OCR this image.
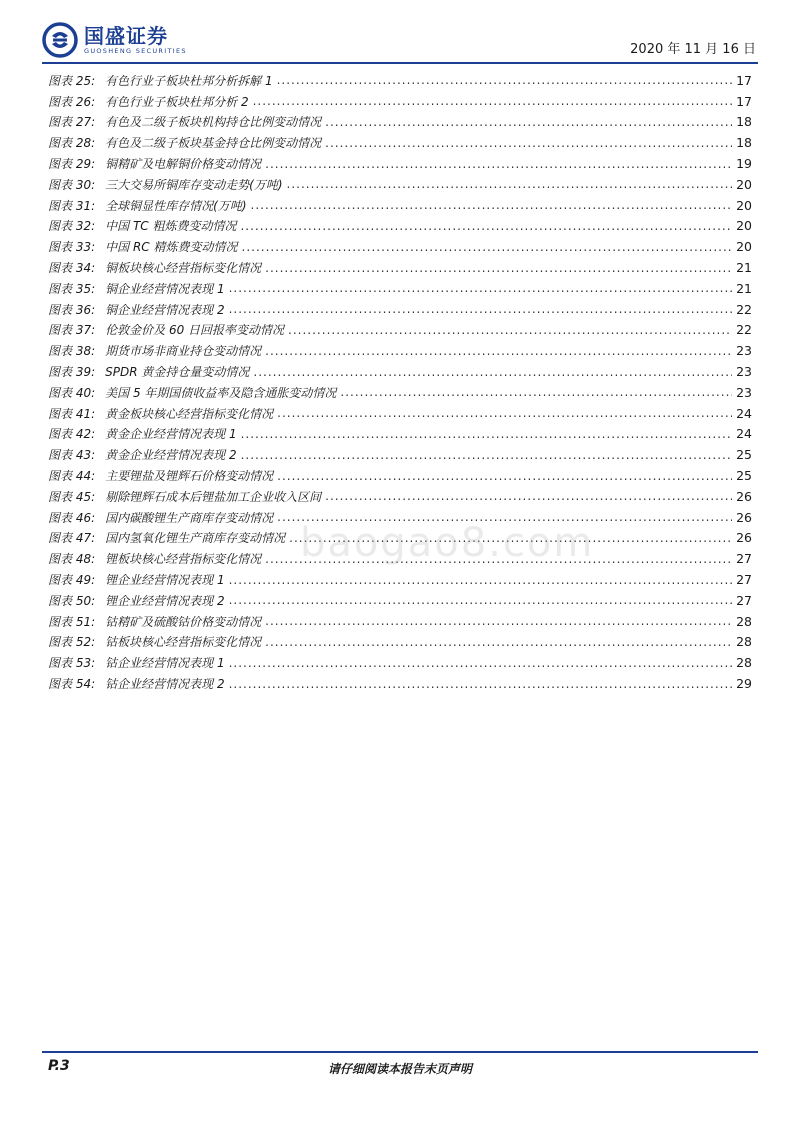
国盛证券
GUOSHENG SECURITIES	2020 年 11 月 16 日
图表 25: 有色行业子板块杜邦分析拆解 1 .....	17
图表 26: 有色行业子板块杜邦分析 2 .....	17
图表 27: 有色及二级子板块机构持仓比例变动情况 .....	18
图表 28: 有色及二级子板块基金持仓比例变动情况 .....	18
图表 29: 铜精矿及电解铜价格变动情况 .....	19
图表 30: 三大交易所铜库存变动走势(万吨) .....	20
图表 31: 全球铜显性库存情况(万吨) .....	20
图表 32: 中国 TC 粗炼费变动情况 .....	20
图表 33: 中国 RC 精炼费变动情况 .....	20
图表 34: 铜板块核心经营指标变化情况 .....	21
图表 35: 铜企业经营情况表现 1 .....	21
图表 36: 铜企业经营情况表现 2 .....	22
图表 37: 伦敦金价及 60 日回报率变动情况 .....	22
图表 38: 期货市场非商业持仓变动情况 .....	23
图表 39: SPDR 黄金持仓量变动情况 .....	23
图表 40: 美国 5 年期国债收益率及隐含通胀变动情况 .....	23
图表 41: 黄金板块核心经营指标变化情况 .....	24
图表 42: 黄金企业经营情况表现 1 .....	24
图表 43: 黄金企业经营情况表现 2 .....	25
图表 44: 主要锂盐及锂辉石价格变动情况 .....	25
图表 45: 剔除锂辉石成本后锂盐加工企业收入区间 .....	26
图表 46: 国内碳酸锂生产商库存变动情况 .....	26
图表 47: 国内氢氧化锂生产商库存变动情况 .....	26
图表 48: 锂板块核心经营指标变化情况 .....	27
图表 49: 锂企业经营情况表现 1 .....	27
图表 50: 锂企业经营情况表现 2 .....	27
图表 51: 钴精矿及硫酸钴价格变动情况 .....	28
图表 52: 钴板块核心经营指标变化情况 .....	28
图表 53: 钴企业经营情况表现 1 .....	28
图表 54: 钴企业经营情况表现 2 .....	29
baogao8.com
P.3	请仔细阅读本报告末页声明
